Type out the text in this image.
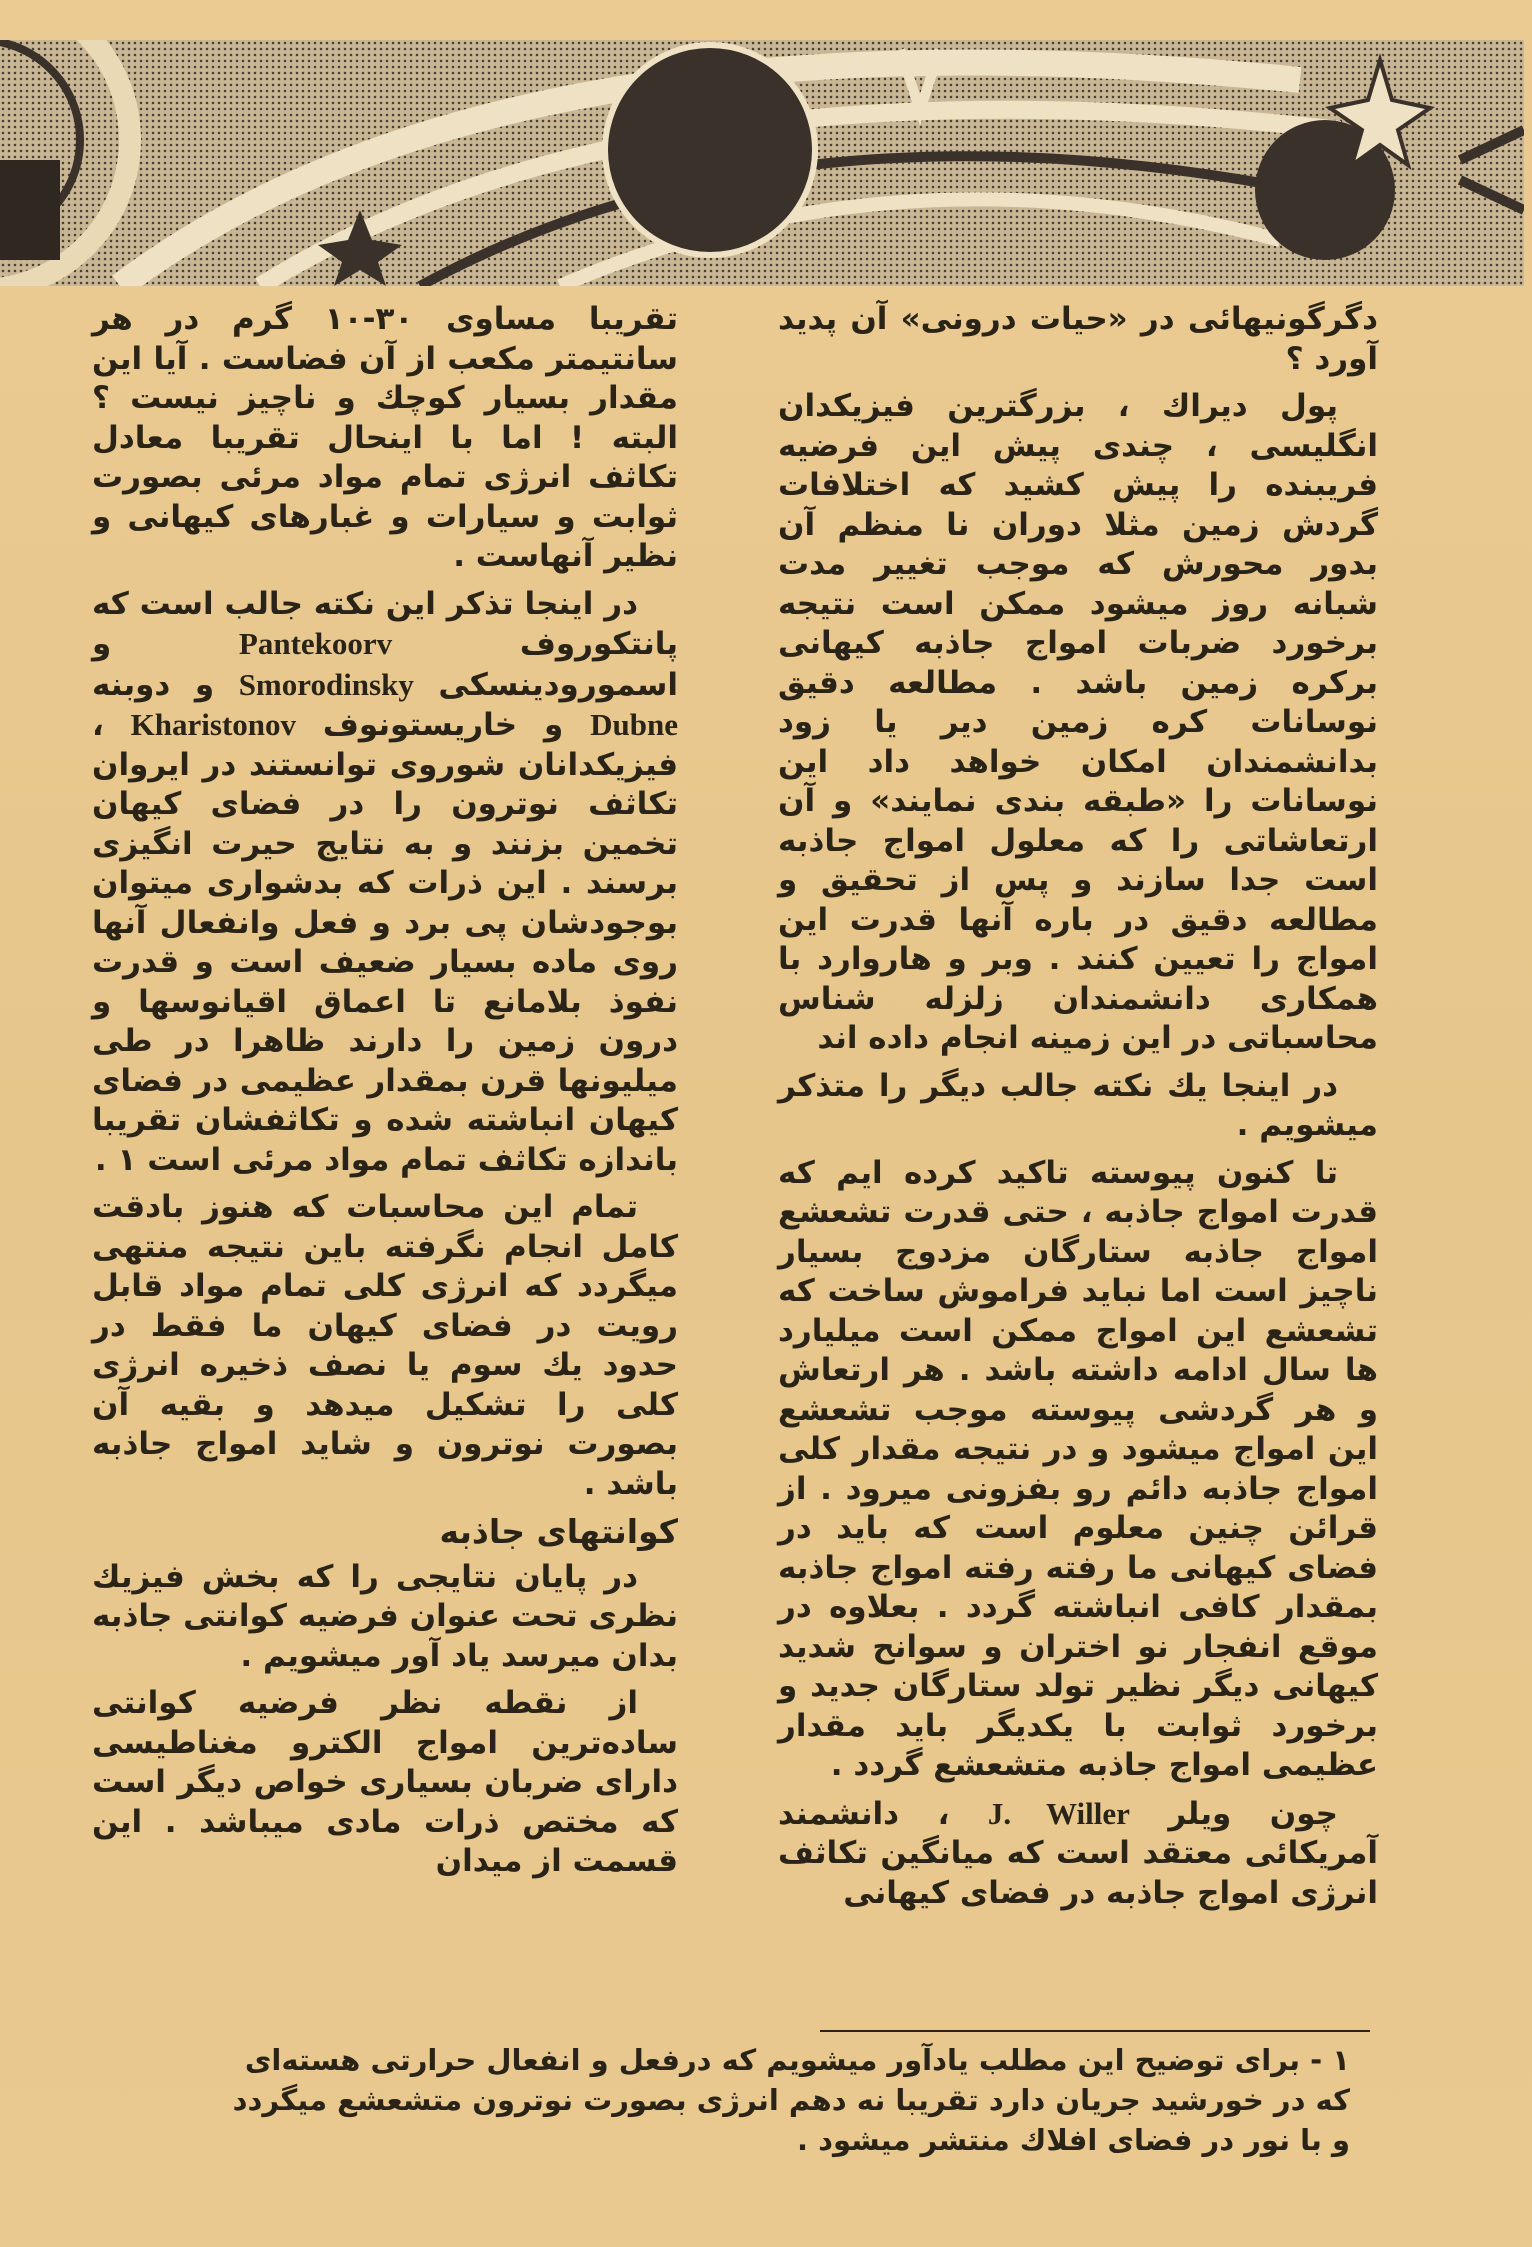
دگرگونیهائی در «حیات درونی» آن پدید آورد ؟

پول دیراك ، بزرگترین فیزیکدان انگلیسی ، چندی پیش این فرضیه فریبنده را پیش کشید که اختلافات گردش زمین مثلا دوران نا منظم آن بدور محورش که موجب تغییر مدت شبانه روز میشود ممکن است نتیجه برخورد ضربات امواج جاذبه کیهانی برکره زمین باشد . مطالعه دقیق نوسانات کره زمین دیر یا زود بدانشمندان امکان خواهد داد این نوسانات را «طبقه بندی نمایند» و آن ارتعاشاتی را که معلول امواج جاذبه است جدا سازند و پس از تحقیق و مطالعه دقیق در باره آنها قدرت این امواج را تعیین کنند . وبر و هاروارد با همکاری دانشمندان زلزله شناس محاسباتی در این زمینه انجام داده اند

در اینجا یك نکته جالب دیگر را متذکر میشویم .

تا کنون پیوسته تاکید کرده ایم که قدرت امواج جاذبه ، حتی قدرت تشعشع امواج جاذبه ستارگان مزدوج بسیار ناچیز است اما نباید فراموش ساخت که تشعشع این امواج ممکن است میلیارد ها سال ادامه داشته باشد . هر ارتعاش و هر گردشی پیوسته موجب تشعشع این امواج میشود و در نتیجه مقدار کلی امواج جاذبه دائم رو بفزونی میرود . از قرائن چنین معلوم است که باید در فضای کیهانی ما رفته رفته امواج جاذبه بمقدار کافی انباشته گردد . بعلاوه در موقع انفجار نو اختران و سوانح شدید کیهانی دیگر نظیر تولد ستارگان جدید و برخورد ثوابت با یکدیگر باید مقدار عظیمی امواج جاذبه متشعشع گردد .

چون ویلر J. Willer ، دانشمند آمریکائی معتقد است که میانگین تکاثف انرژی امواج جاذبه در فضای کیهانی

تقریبا مساوی ۳۰-۱۰ گرم در هر سانتیمتر مکعب از آن فضاست . آیا این مقدار بسیار کوچك و ناچیز نیست ؟ البته ! اما با اینحال تقریبا معادل تکاثف انرژی تمام مواد مرئی بصورت ثوابت و سیارات و غبارهای کیهانی و نظیر آنهاست .

در اینجا تذکر این نکته جالب است که پانتکوروف Pantekoorv و اسمورودینسکی Smorodinsky و دوبنه Dubne و خاریستونوف Kharistonov ، فیزیکدانان شوروی توانستند در ایروان تکاثف نوترون را در فضای کیهان تخمین بزنند و به نتایج حیرت انگیزی برسند . این ذرات که بدشواری میتوان بوجودشان پی برد و فعل وانفعال آنها روی ماده بسیار ضعیف است و قدرت نفوذ بلامانع تا اعماق اقیانوسها و درون زمین را دارند ظاهرا در طی میلیونها قرن بمقدار عظیمی در فضای کیهان انباشته شده و تکاثفشان تقریبا باندازه تکاثف تمام مواد مرئی است ۱ .

تمام این محاسبات که هنوز بادقت کامل انجام نگرفته باین نتیجه منتهی میگردد که انرژی کلی تمام مواد قابل رویت در فضای کیهان ما فقط در حدود یك سوم یا نصف ذخیره انرژی کلی را تشکیل میدهد و بقیه آن بصورت نوترون و شاید امواج جاذبه باشد .

کوانتهای جاذبه

در پایان نتایجی را که بخش فیزیك نظری تحت عنوان فرضیه کوانتی جاذبه بدان میرسد یاد آور میشویم .

از نقطه نظر فرضیه کوانتی ساده‌ترین امواج الکترو مغناطیسی دارای ضربان بسیاری خواص دیگر است که مختص ذرات مادی میباشد . این قسمت از میدان

۱ - برای توضیح این مطلب یادآور میشویم که درفعل و انفعال حرارتی هسته‌ای

که در خورشید جریان دارد تقریبا نه دهم انرژی بصورت نوترون متشعشع میگردد

و با نور در فضای افلاك منتشر میشود .
